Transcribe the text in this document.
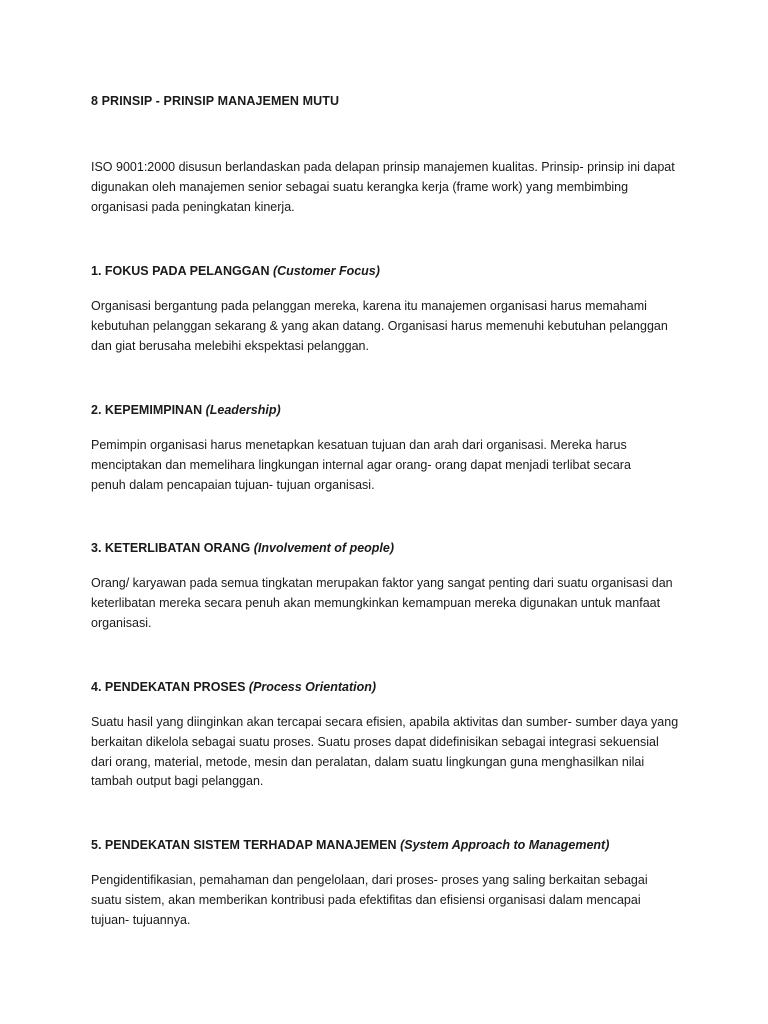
8 PRINSIP - PRINSIP MANAJEMEN MUTU

ISO 9001:2000 disusun berlandaskan pada delapan prinsip manajemen kualitas. Prinsip- prinsip ini dapat
digunakan oleh manajemen senior sebagai suatu kerangka kerja (frame work) yang membimbing
organisasi pada peningkatan kinerja.

1. FOKUS PADA PELANGGAN (Customer Focus)

Organisasi bergantung pada pelanggan mereka, karena itu manajemen organisasi harus memahami
kebutuhan pelanggan sekarang & yang akan datang. Organisasi harus memenuhi kebutuhan pelanggan
dan giat berusaha melebihi ekspektasi pelanggan.

2. KEPEMIMPINAN (Leadership)

Pemimpin organisasi harus menetapkan kesatuan tujuan dan arah dari organisasi. Mereka harus
menciptakan dan memelihara lingkungan internal agar orang- orang dapat menjadi terlibat secara
penuh dalam pencapaian tujuan- tujuan organisasi.

3. KETERLIBATAN ORANG (Involvement of people)

Orang/ karyawan pada semua tingkatan merupakan faktor yang sangat penting dari suatu organisasi dan
keterlibatan mereka secara penuh akan memungkinkan kemampuan mereka digunakan untuk manfaat
organisasi.

4. PENDEKATAN PROSES (Process Orientation)

Suatu hasil yang diinginkan akan tercapai secara efisien, apabila aktivitas dan sumber- sumber daya yang
berkaitan dikelola sebagai suatu proses. Suatu proses dapat didefinisikan sebagai integrasi sekuensial
dari orang, material, metode, mesin dan peralatan, dalam suatu lingkungan guna menghasilkan nilai
tambah output bagi pelanggan.

5. PENDEKATAN SISTEM TERHADAP MANAJEMEN (System Approach to Management)

Pengidentifikasian, pemahaman dan pengelolaan, dari proses- proses yang saling berkaitan sebagai
suatu sistem, akan memberikan kontribusi pada efektifitas dan efisiensi organisasi dalam mencapai
tujuan- tujuannya.
